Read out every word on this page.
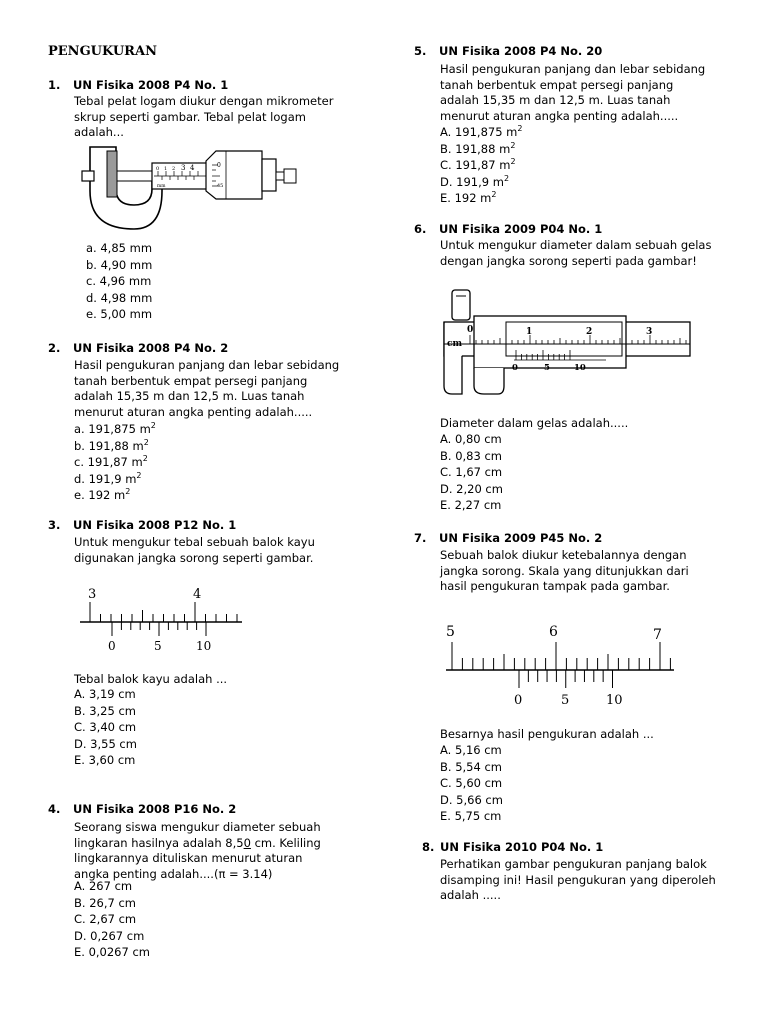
PENGUKURAN
1. UN Fisika 2008 P4 No. 1
Tebal pelat logam diukur dengan mikrometer
skrup seperti gambar. Tebal pelat logam
adalah...
0 1 2 3 4
mm
0
45
a. 4,85 mm
b. 4,90 mm
c. 4,96 mm
d. 4,98 mm
e. 5,00 mm
2. UN Fisika 2008 P4 No. 2
Hasil pengukuran panjang dan lebar sebidang
tanah berbentuk empat persegi panjang
adalah 15,35 m dan 12,5 m. Luas tanah
menurut aturan angka penting adalah.....
a. 191,875 $m^2$
b. 191,88 $m^2$
c. 191,87 $m^2$
d. 191,9 $m^2$
e. 192 $m^2$
3. UN Fisika 2008 P12 No. 1
Untuk mengukur tebal sebuah balok kayu
digunakan jangka sorong seperti gambar.
3	4
0	5	10
Tebal balok kayu adalah ...
A. 3,19 cm
B. 3,25 cm
C. 3,40 cm
D. 3,55 cm
E. 3,60 cm
4. UN Fisika 2008 P16 No. 2
Seorang siswa mengukur diameter sebuah
lingkaran hasilnya adalah 8,50 cm. Keliling
lingkarannya dituliskan menurut aturan
angka penting adalah....(π = 3.14)
A. 267 cm
B. 26,7 cm
C. 2,67 cm
D. 0,267 cm
E. 0,0267 cm
5. UN Fisika 2008 P4 No. 20
Hasil pengukuran panjang dan lebar sebidang
tanah berbentuk empat persegi panjang
adalah 15,35 m dan 12,5 m. Luas tanah
menurut aturan angka penting adalah.....
A. 191,875 $m^2$
B. 191,88 $m^2$
C. 191,87 $m^2$
D. 191,9 $m^2$
E. 192 $m^2$
6. UN Fisika 2009 P04 No. 1
Untuk mengukur diameter dalam sebuah gelas
dengan jangka sorong seperti pada gambar!
cm
0	1	2	3
0	5	10
Diameter dalam gelas adalah.....
A. 0,80 cm
B. 0,83 cm
C. 1,67 cm
D. 2,20 cm
E. 2,27 cm
7. UN Fisika 2009 P45 No. 2
Sebuah balok diukur ketebalannya dengan
jangka sorong. Skala yang ditunjukkan dari
hasil pengukuran tampak pada gambar.
5	6	7
0	5	10
Besarnya hasil pengukuran adalah ...
A. 5,16 cm
B. 5,54 cm
C. 5,60 cm
D. 5,66 cm
E. 5,75 cm
8. UN Fisika 2010 P04 No. 1
Perhatikan gambar pengukuran panjang balok
disamping ini! Hasil pengukuran yang diperoleh
adalah .....
